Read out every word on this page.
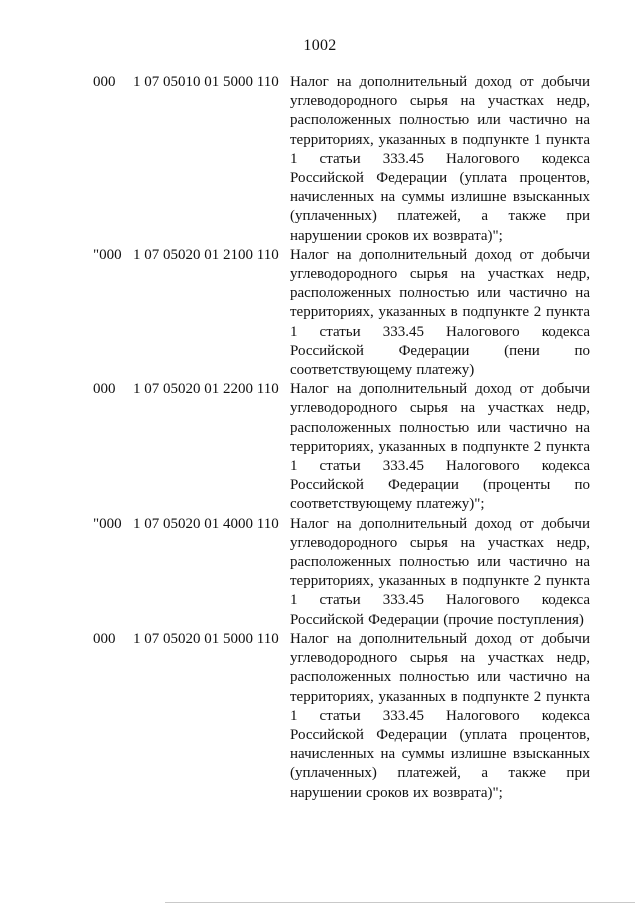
1002
000 1 07 05010 01 5000 110 Налог на дополнительный доход от добычи углеводородного сырья на участках недр, расположенных полностью или частично на территориях, указанных в подпункте 1 пункта 1 статьи 333.45 Налогового кодекса Российской Федерации (уплата процентов, начисленных на суммы излишне взысканных (уплаченных) платежей, а также при нарушении сроков их возврата)";
"000 1 07 05020 01 2100 110 Налог на дополнительный доход от добычи углеводородного сырья на участках недр, расположенных полностью или частично на территориях, указанных в подпункте 2 пункта 1 статьи 333.45 Налогового кодекса Российской Федерации (пени по соответствующему платежу)
000 1 07 05020 01 2200 110 Налог на дополнительный доход от добычи углеводородного сырья на участках недр, расположенных полностью или частично на территориях, указанных в подпункте 2 пункта 1 статьи 333.45 Налогового кодекса Российской Федерации (проценты по соответствующему платежу)";
"000 1 07 05020 01 4000 110 Налог на дополнительный доход от добычи углеводородного сырья на участках недр, расположенных полностью или частично на территориях, указанных в подпункте 2 пункта 1 статьи 333.45 Налогового кодекса Российской Федерации (прочие поступления)
000 1 07 05020 01 5000 110 Налог на дополнительный доход от добычи углеводородного сырья на участках недр, расположенных полностью или частично на территориях, указанных в подпункте 2 пункта 1 статьи 333.45 Налогового кодекса Российской Федерации (уплата процентов, начисленных на суммы излишне взысканных (уплаченных) платежей, а также при нарушении сроков их возврата)";
